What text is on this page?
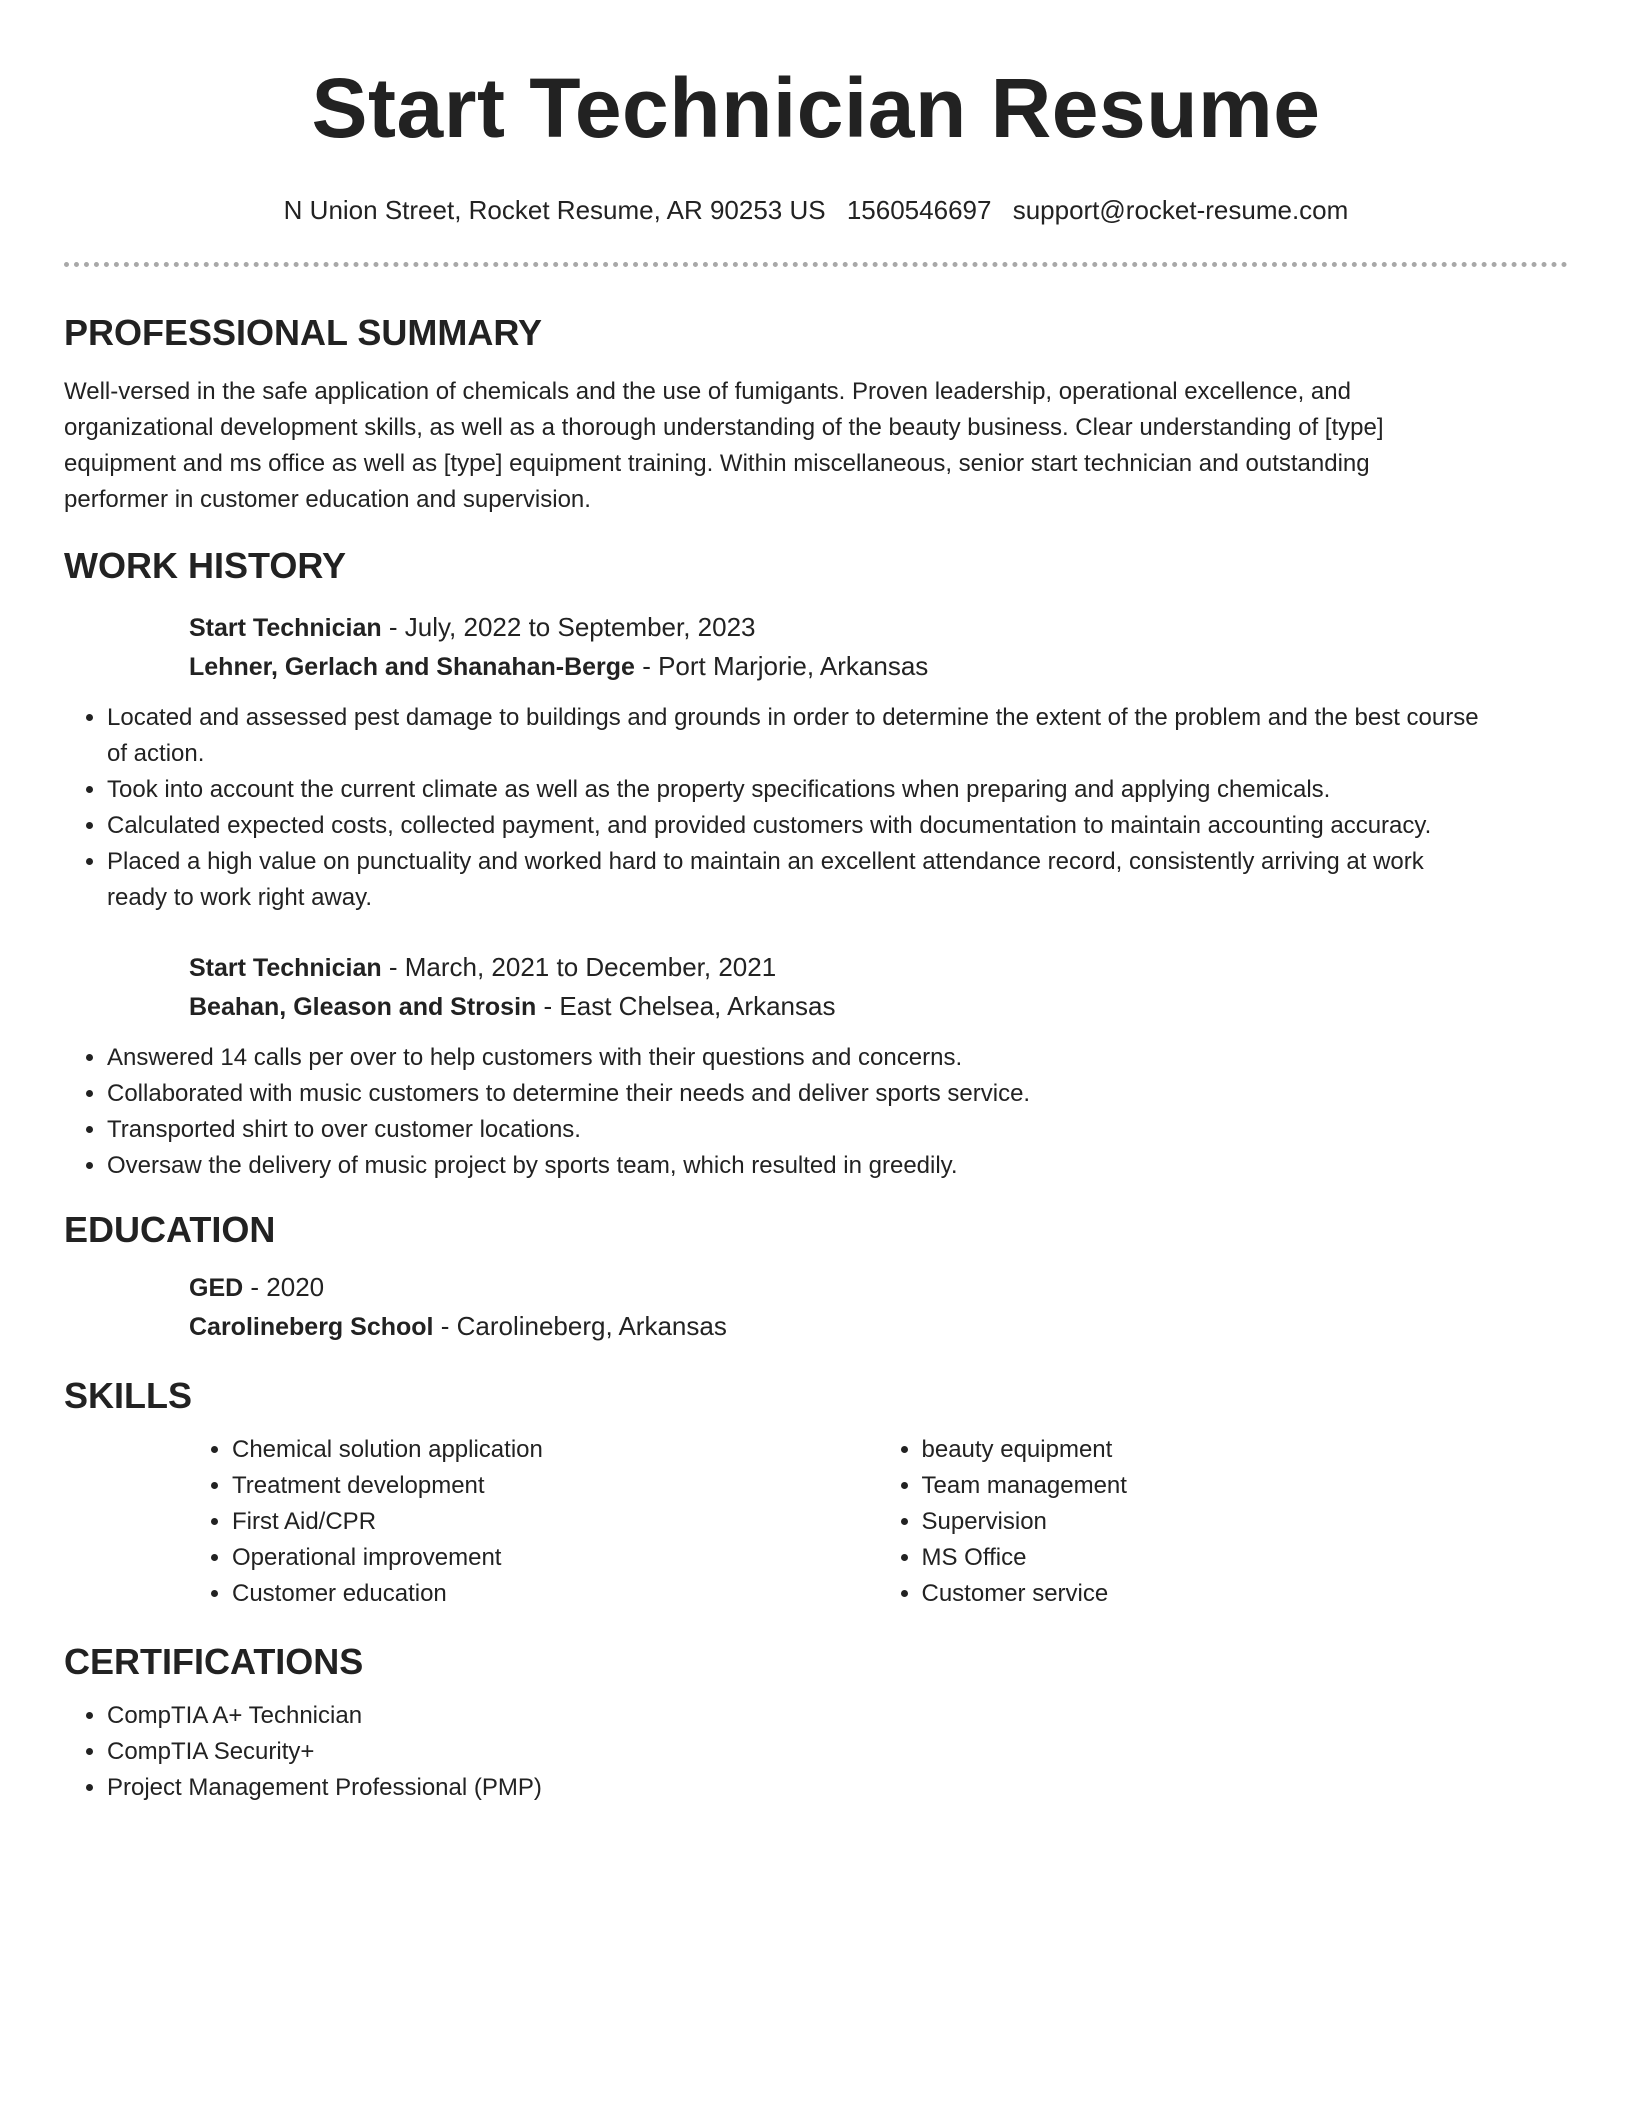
Start Technician Resume
N Union Street, Rocket Resume, AR 90253 US 1560546697 support@rocket-resume.com
PROFESSIONAL SUMMARY

Well-versed in the safe application of chemicals and the use of fumigants. Proven leadership, operational excellence, and organizational development skills, as well as a thorough understanding of the beauty business. Clear understanding of [type] equipment and ms office as well as [type] equipment training. Within miscellaneous, senior start technician and outstanding performer in customer education and supervision.

WORK HISTORY
Start Technician - July, 2022 to September, 2023
Lehner, Gerlach and Shanahan-Berge - Port Marjorie, Arkansas
• Located and assessed pest damage to buildings and grounds in order to determine the extent of the problem and the best course of action.
• Took into account the current climate as well as the property specifications when preparing and applying chemicals.
• Calculated expected costs, collected payment, and provided customers with documentation to maintain accounting accuracy.
• Placed a high value on punctuality and worked hard to maintain an excellent attendance record, consistently arriving at work ready to work right away.
Start Technician - March, 2021 to December, 2021
Beahan, Gleason and Strosin - East Chelsea, Arkansas
• Answered 14 calls per over to help customers with their questions and concerns.
• Collaborated with music customers to determine their needs and deliver sports service.
• Transported shirt to over customer locations.
• Oversaw the delivery of music project by sports team, which resulted in greedily.
EDUCATION
GED - 2020
Carolineberg School - Carolineberg, Arkansas
SKILLS
• Chemical solution application
• Treatment development
• First Aid/CPR
• Operational improvement
• Customer education
• beauty equipment
• Team management
• Supervision
• MS Office
• Customer service
CERTIFICATIONS
• CompTIA A+ Technician
• CompTIA Security+
• Project Management Professional (PMP)
